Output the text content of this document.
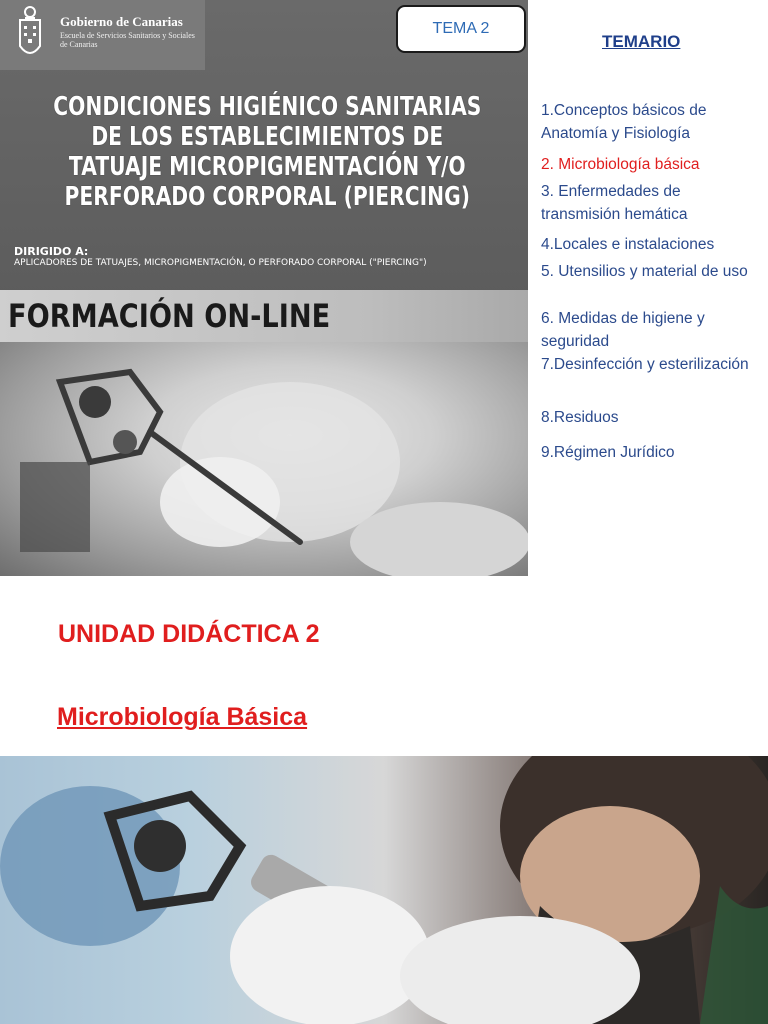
Gobierno de Canarias
Escuela de Servicios Sanitarios y Sociales de Canarias
CONDICIONES HIGIÉNICO SANITARIAS
DE LOS ESTABLECIMIENTOS DE
TATUAJE MICROPIGMENTACIÓN Y/O
PERFORADO CORPORAL (PIERCING)
DIRIGIDO A:
APLICADORES DE TATUAJES, MICROPIGMENTACIÓN, O PERFORADO CORPORAL ("PIERCING")
FORMACIÓN ON-LINE
TEMA 2
TEMARIO
1.Conceptos básicos de Anatomía y Fisiología
2. Microbiología básica
3. Enfermedades de transmisión hemática
4.Locales e instalaciones
5. Utensilios y material de uso
6. Medidas de higiene y seguridad
7.Desinfección y esterilización
8.Residuos
9.Régimen Jurídico
UNIDAD DIDÁCTICA 2
Microbiología Básica
